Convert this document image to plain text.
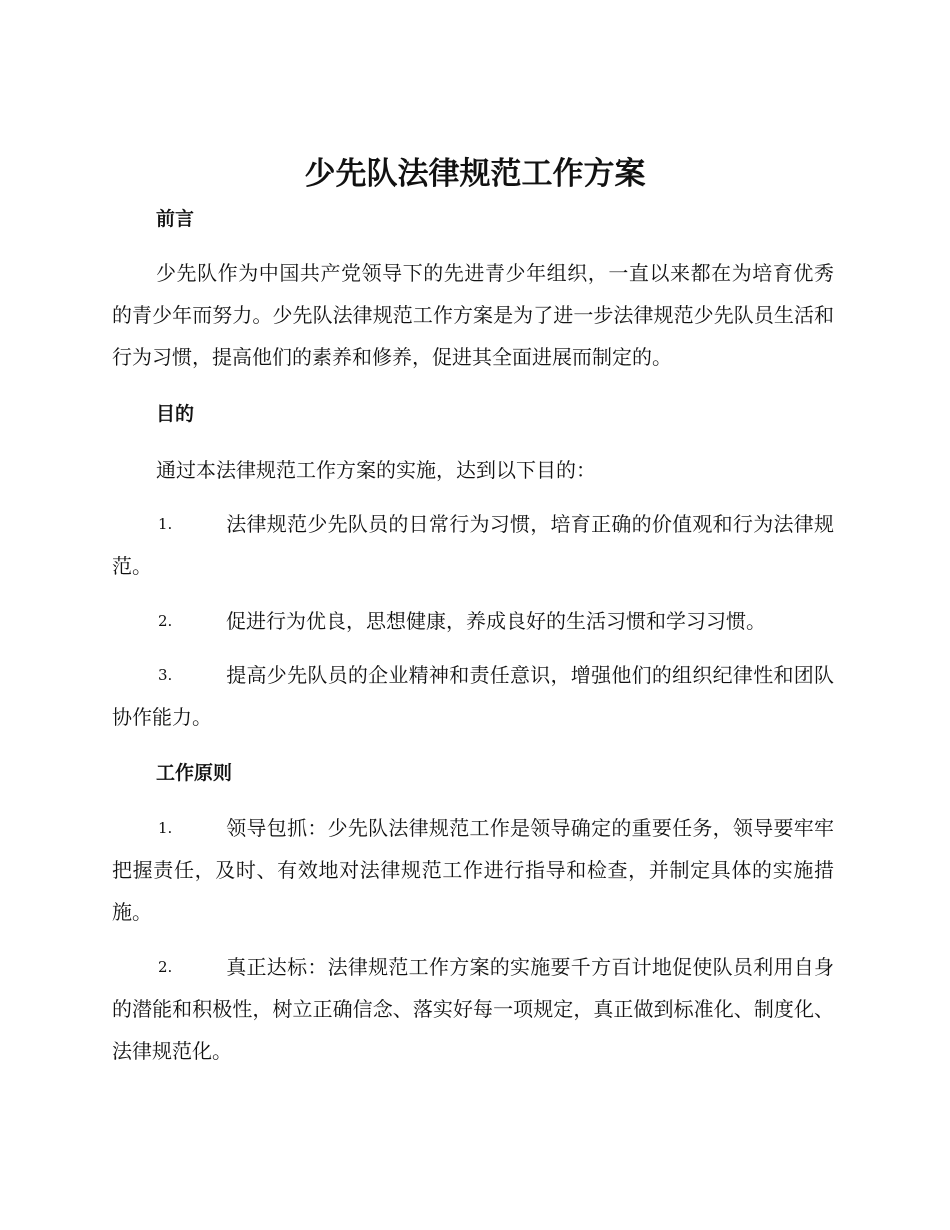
少先队法律规范工作方案
前言

少先队作为中国共产党领导下的先进青少年组织，一直以来都在为培育优秀的青少年而努力。少先队法律规范工作方案是为了进一步法律规范少先队员生活和行为习惯，提高他们的素养和修养，促进其全面进展而制定的。

目的

通过本法律规范工作方案的实施，达到以下目的：

1.	法律规范少先队员的日常行为习惯，培育正确的价值观和行为法律规范。

2.	促进行为优良，思想健康，养成良好的生活习惯和学习习惯。

3.	提高少先队员的企业精神和责任意识，增强他们的组织纪律性和团队协作能力。

工作原则

1.	领导包抓：少先队法律规范工作是领导确定的重要任务，领导要牢牢把握责任，及时、有效地对法律规范工作进行指导和检查，并制定具体的实施措施。

2.	真正达标：法律规范工作方案的实施要千方百计地促使队员利用自身的潜能和积极性，树立正确信念、落实好每一项规定，真正做到标准化、制度化、法律规范化。
